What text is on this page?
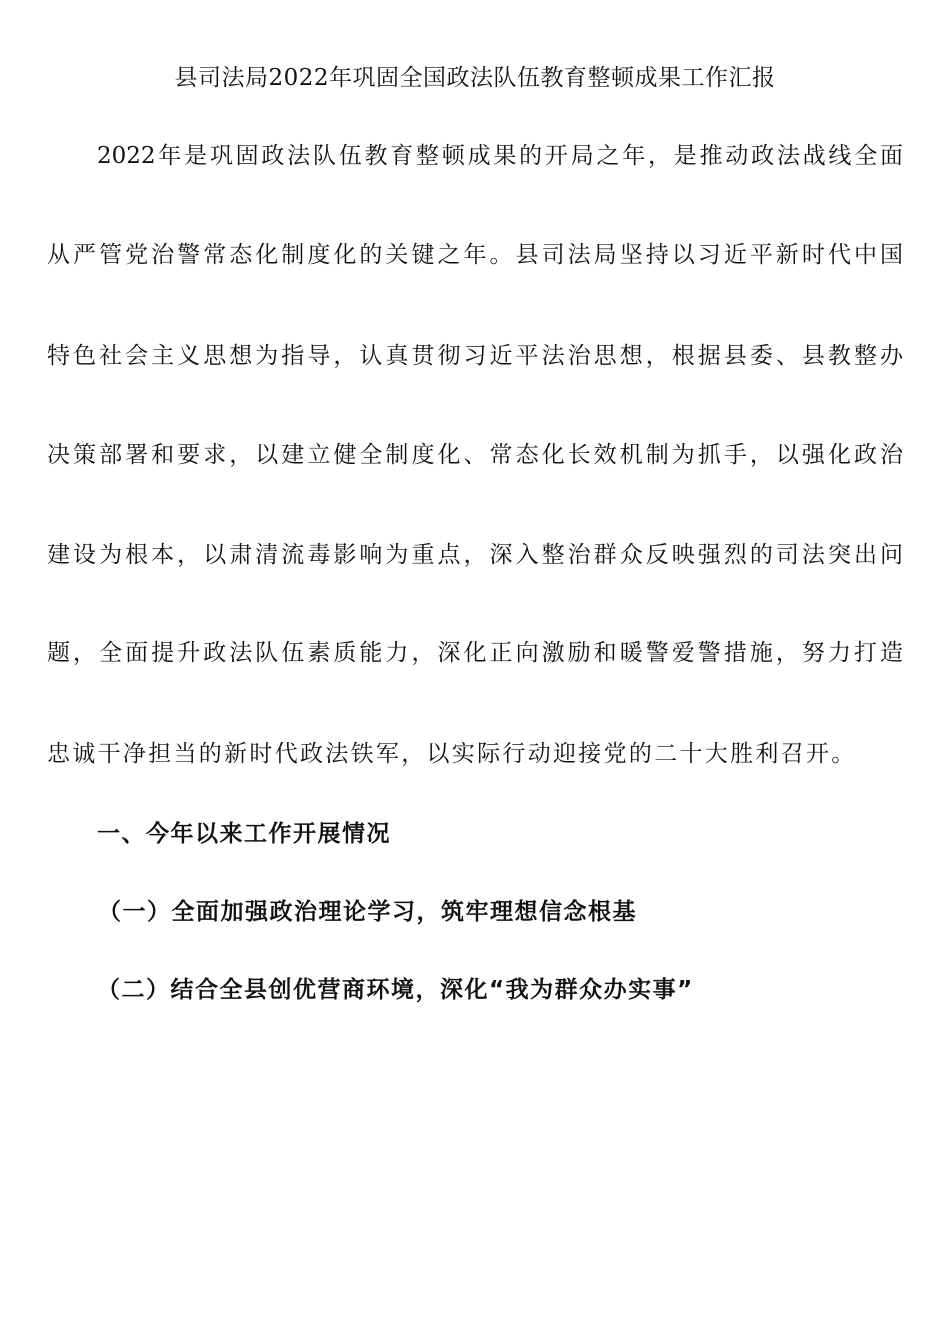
县司法局2022年巩固全国政法队伍教育整顿成果工作汇报
2022年是巩固政法队伍教育整顿成果的开局之年，是推动政法战线全面
从严管党治警常态化制度化的关键之年。县司法局坚持以习近平新时代中国
特色社会主义思想为指导，认真贯彻习近平法治思想，根据县委、县教整办
决策部署和要求，以建立健全制度化、常态化长效机制为抓手，以强化政治
建设为根本，以肃清流毒影响为重点，深入整治群众反映强烈的司法突出问
题，全面提升政法队伍素质能力，深化正向激励和暖警爱警措施，努力打造
忠诚干净担当的新时代政法铁军，以实际行动迎接党的二十大胜利召开。
一、今年以来工作开展情况
（一）全面加强政治理论学习，筑牢理想信念根基
（二）结合全县创优营商环境，深化“我为群众办实事”
